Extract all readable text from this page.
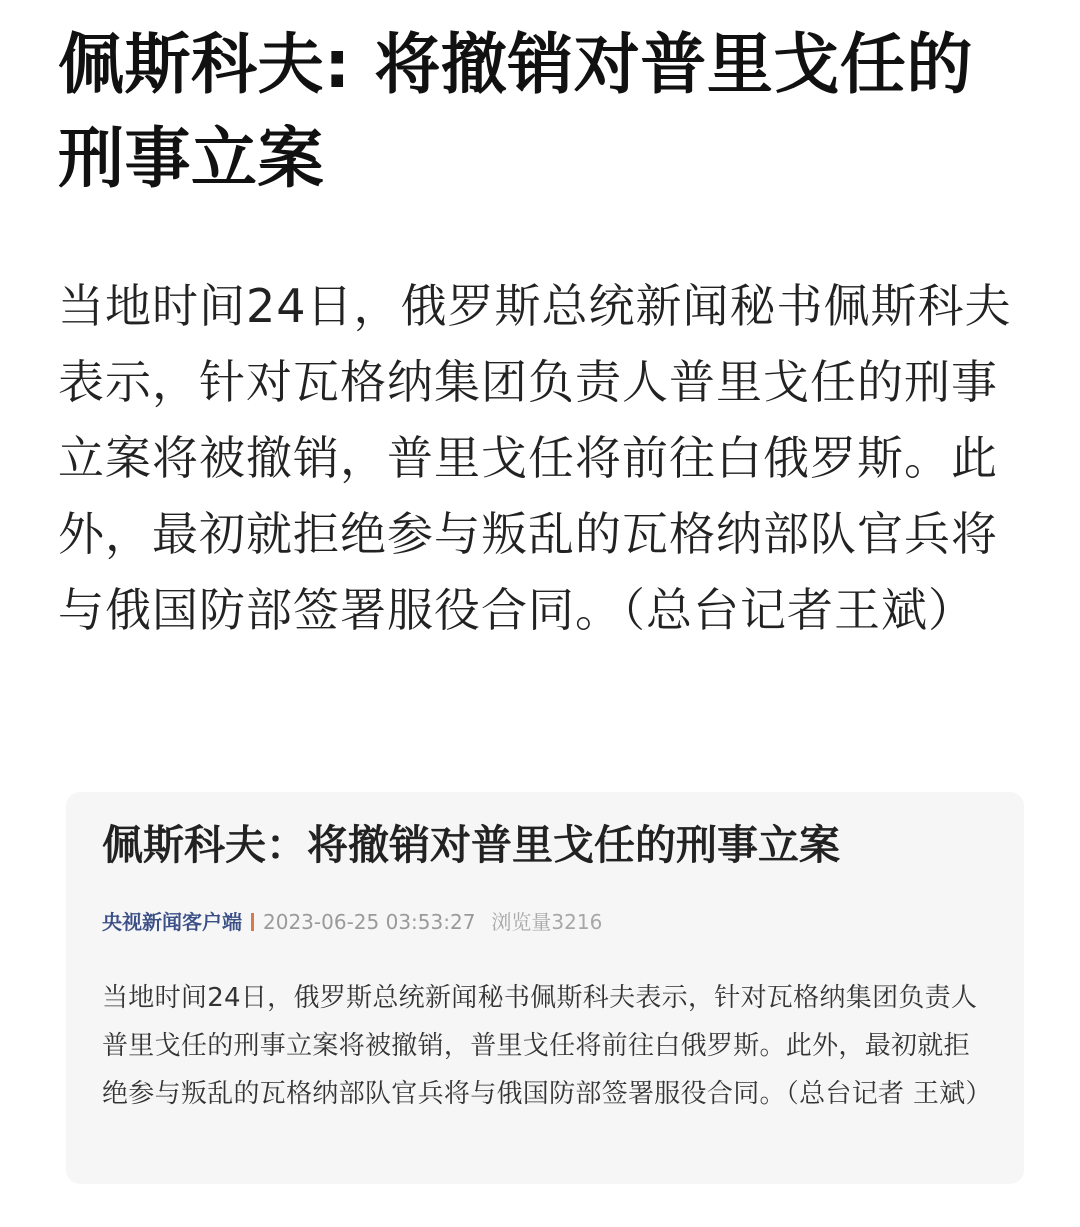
佩斯科夫: 将撤销对普里戈任的刑事立案

当地时间24日，俄罗斯总统新闻秘书佩斯科夫表示，针对瓦格纳集团负责人普里戈任的刑事立案将被撤销，普里戈任将前往白俄罗斯。此外，最初就拒绝参与叛乱的瓦格纳部队官兵将与俄国防部签署服役合同。（总台记者王斌）

佩斯科夫：将撤销对普里戈任的刑事立案
央视新闻客户端 2023-06-25 03:53:27 浏览量3216

当地时间24日，俄罗斯总统新闻秘书佩斯科夫表示，针对瓦格纳集团负责人普里戈任的刑事立案将被撤销，普里戈任将前往白俄罗斯。此外，最初就拒绝参与叛乱的瓦格纳部队官兵将与俄国防部签署服役合同。（总台记者 王斌）
